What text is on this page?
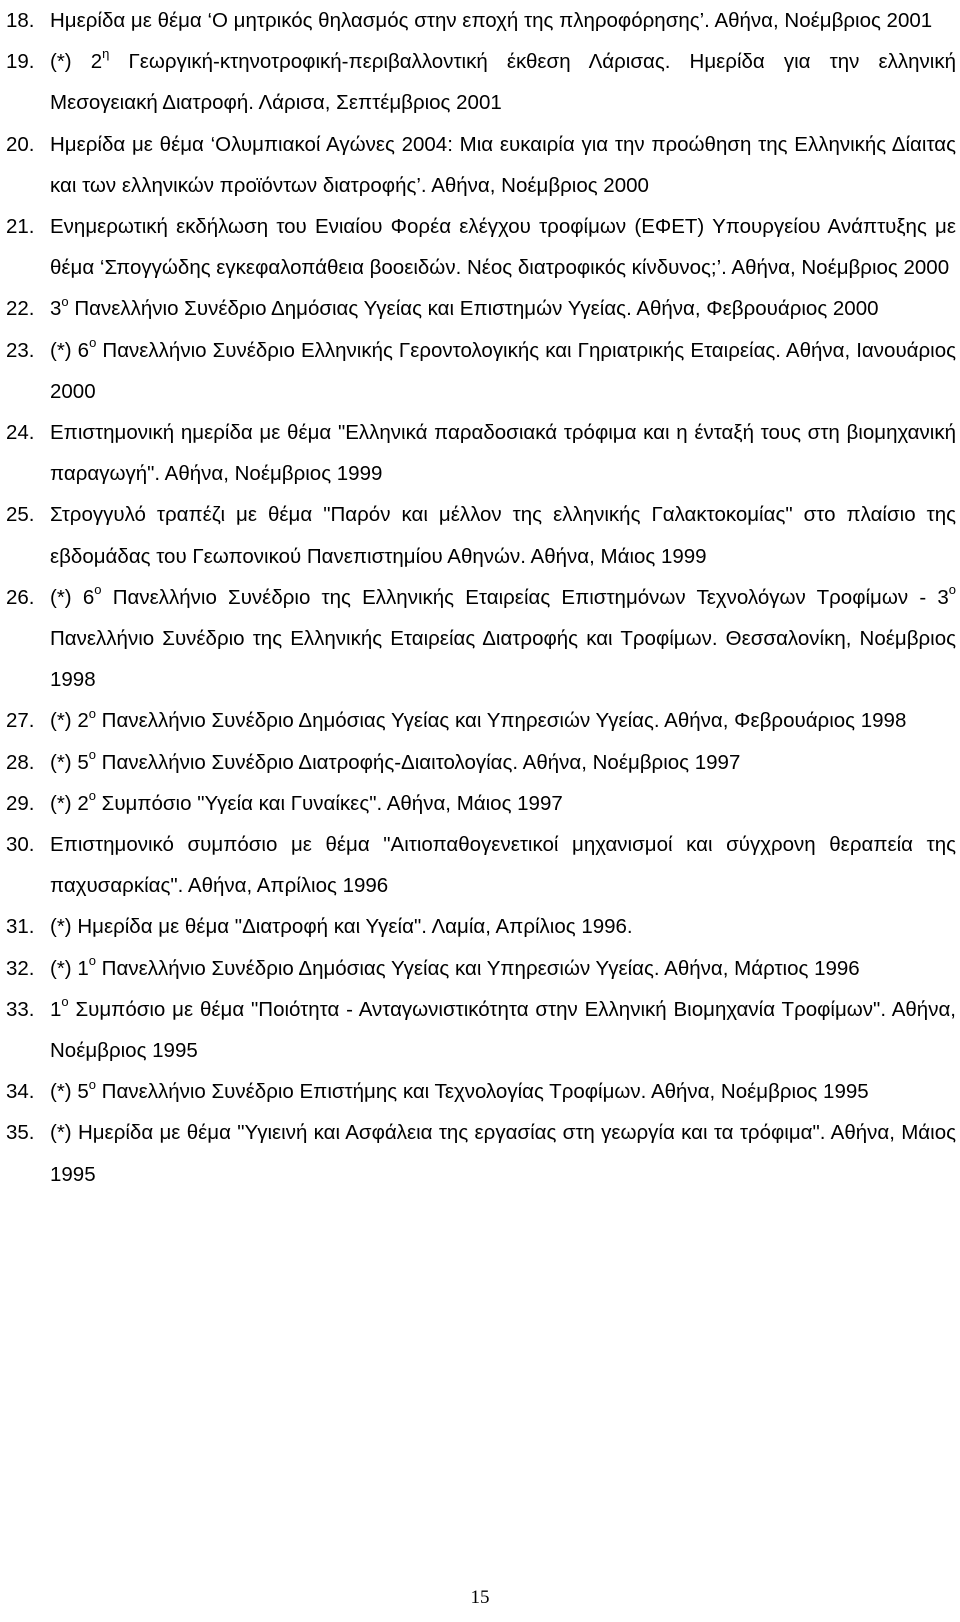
18. Ημερίδα με θέμα ‘Ο μητρικός θηλασμός στην εποχή της πληροφόρησης’. Αθήνα, Νοέμβριος 2001
19. (*) $2^\eta$ Γεωργική-κτηνοτροφική-περιβαλλοντική έκθεση Λάρισας. Ημερίδα για την ελληνική Μεσογειακή Διατροφή. Λάρισα, Σεπτέμβριος 2001
20. Ημερίδα με θέμα ‘Ολυμπιακοί Αγώνες 2004: Μια ευκαιρία για την προώθηση της Ελληνικής Δίαιτας και των ελληνικών προϊόντων διατροφής’. Αθήνα, Νοέμβριος 2000
21. Ενημερωτική εκδήλωση του Ενιαίου Φορέα ελέγχου τροφίμων (ΕΦΕΤ) Υπουργείου Ανάπτυξης με θέμα ‘Σπογγώδης εγκεφαλοπάθεια βοοειδών. Νέος διατροφικός κίνδυνος;’. Αθήνα, Νοέμβριος 2000
22. $3^o$ Πανελλήνιο Συνέδριο Δημόσιας Υγείας και Επιστημών Υγείας. Αθήνα, Φεβρουάριος 2000
23. (*) $6^o$ Πανελλήνιο Συνέδριο Ελληνικής Γεροντολογικής και Γηριατρικής Εταιρείας. Αθήνα, Ιανουάριος 2000
24. Επιστημονική ημερίδα με θέμα "Ελληνικά παραδοσιακά τρόφιμα και η ένταξή τους στη βιομηχανική παραγωγή". Αθήνα, Νοέμβριος 1999
25. Στρογγυλό τραπέζι με θέμα "Παρόν και μέλλον της ελληνικής Γαλακτοκομίας" στο πλαίσιο της εβδομάδας του Γεωπονικού Πανεπιστημίου Αθηνών. Αθήνα, Μάιος 1999
26. (*) $6^o$ Πανελλήνιο Συνέδριο της Ελληνικής Εταιρείας Επιστημόνων Τεχνολόγων Τροφίμων - $3^o$ Πανελλήνιο Συνέδριο της Ελληνικής Εταιρείας Διατροφής και Τροφίμων. Θεσσαλονίκη, Νοέμβριος 1998
27. (*) $2^o$ Πανελλήνιο Συνέδριο Δημόσιας Υγείας και Υπηρεσιών Υγείας. Αθήνα, Φεβρουάριος 1998
28. (*) $5^o$ Πανελλήνιο Συνέδριο Διατροφής-Διαιτολογίας. Αθήνα, Νοέμβριος 1997
29. (*) $2^o$ Συμπόσιο "Υγεία και Γυναίκες". Αθήνα, Μάιος 1997
30. Επιστημονικό συμπόσιο με θέμα "Αιτιοπαθογενετικοί μηχανισμοί και σύγχρονη θεραπεία της παχυσαρκίας". Αθήνα, Απρίλιος 1996
31. (*) Ημερίδα με θέμα "Διατροφή και Υγεία". Λαμία, Απρίλιος 1996.
32. (*) $1^o$ Πανελλήνιο Συνέδριο Δημόσιας Υγείας και Υπηρεσιών Υγείας. Αθήνα, Μάρτιος 1996
33. $1^o$ Συμπόσιο με θέμα "Ποιότητα - Ανταγωνιστικότητα στην Ελληνική Βιομηχανία Τροφίμων". Αθήνα, Νοέμβριος 1995
34. (*) $5^o$ Πανελλήνιο Συνέδριο Επιστήμης και Τεχνολογίας Τροφίμων. Αθήνα, Νοέμβριος 1995
35. (*) Ημερίδα με θέμα "Υγιεινή και Ασφάλεια της εργασίας στη γεωργία και τα τρόφιμα". Αθήνα, Μάιος 1995
15
